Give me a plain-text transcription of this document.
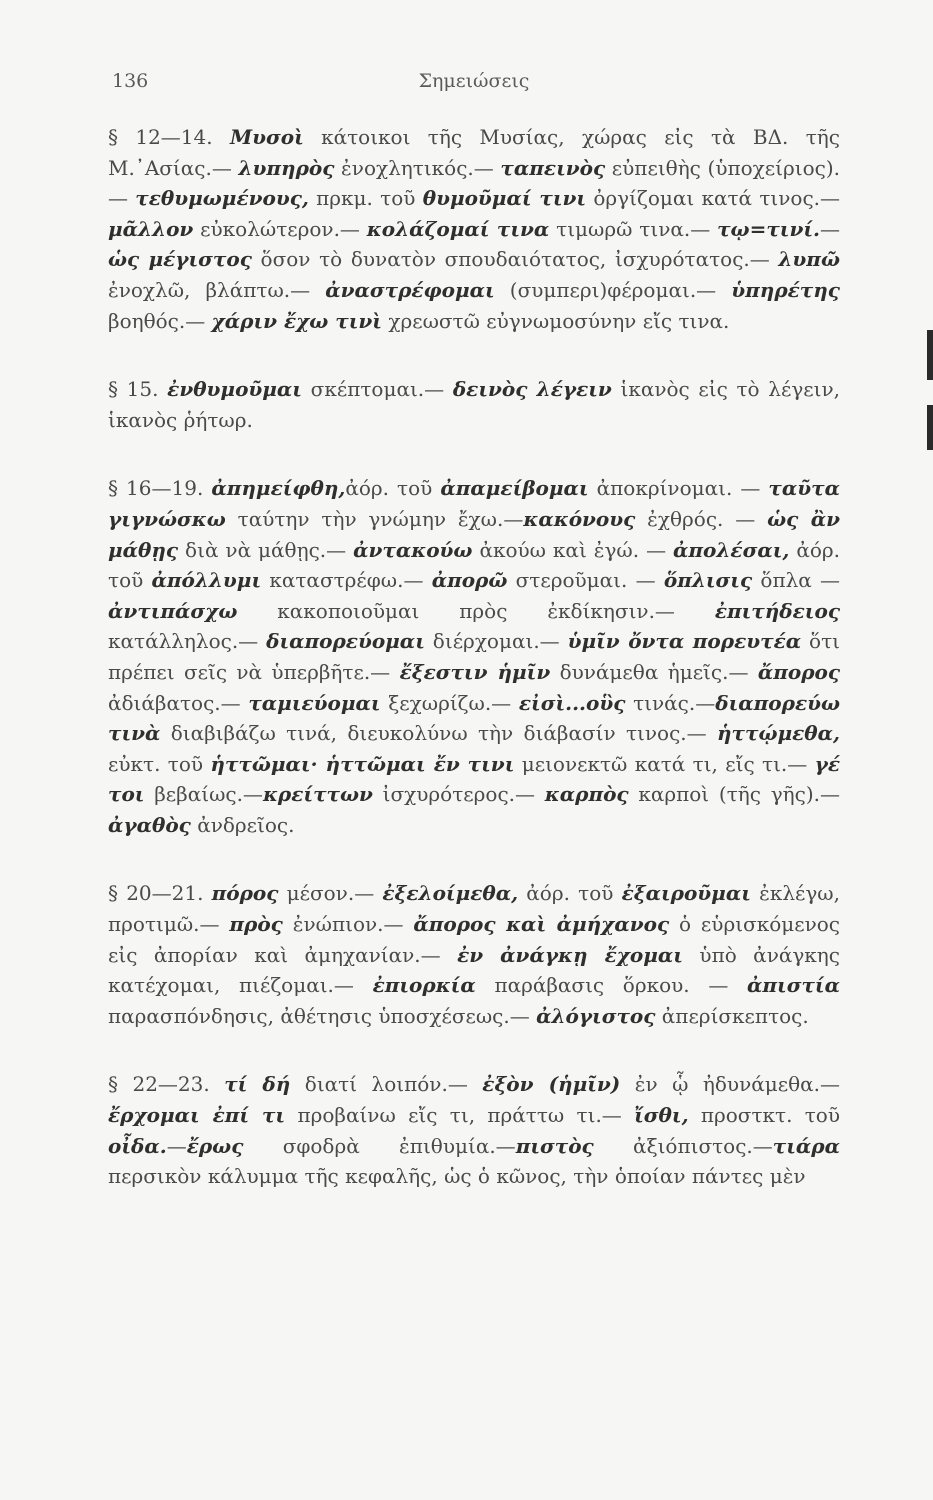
136	Σημειώσεις

§ 12—14. Μυσοὶ κάτοικοι τῆς Μυσίας, χώρας εἰς τὰ ΒΔ. τῆς Μ.᾿Ασίας.— λυπηρὸς ἐνοχλητικός.— ταπεινὸς εὐπειθὴς (ὑποχείριος).— τεθυμωμένους, πρκμ. τοῦ θυμοῦμαί τινι ὀργίζομαι κατά τινος.— μᾶλλον εὐκολώτερον.— κολάζομαί τινα τιμωρῶ τινα.— τῳ=τινί.— ὡς μέγιστος ὅσον τὸ δυνατὸν σπουδαιότατος, ἰσχυρότατος.— λυπῶ ἐνοχλῶ, βλάπτω.— ἀναστρέφομαι (συμπερι)φέρομαι.— ὑπηρέτης βοηθός.— χάριν ἔχω τινὶ χρεωστῶ εὐγνωμοσύνην εἴς τινα.

§ 15. ἐνθυμοῦμαι σκέπτομαι.— δεινὸς λέγειν ἱκανὸς εἰς τὸ λέγειν, ἱκανὸς ῥήτωρ.

§ 16—19. ἀπημείφθη,ἀόρ. τοῦ ἀπαμείβομαι ἀποκρίνομαι. — ταῦτα γιγνώσκω ταύτην τὴν γνώμην ἔχω.—κακόνους ἐχθρός. — ὡς ἂν μάθῃς διὰ νὰ μάθῃς.— ἀντακούω ἀκούω καὶ ἐγώ. — ἀπολέσαι, ἀόρ. τοῦ ἀπόλλυμι καταστρέφω.— ἀπορῶ στεροῦμαι. — ὅπλισις ὅπλα — ἀντιπάσχω κακοποιοῦμαι πρὸς ἐκδίκησιν.— ἐπιτήδειος κατάλληλος.— διαπορεύομαι διέρχομαι.— ὑμῖν ὄντα πορευτέα ὅτι πρέπει σεῖς νὰ ὑπερβῆτε.— ἔξεστιν ἡμῖν δυνάμεθα ἡμεῖς.— ἄπορος ἀδιάβατος.— ταμιεύομαι ξεχωρίζω.— εἰσὶ...οὓς τινάς.—διαπορεύω τινὰ διαβιβάζω τινά, διευκολύνω τὴν διάβασίν τινος.— ἡττῴμεθα, εὐκτ. τοῦ ἡττῶμαι· ἡττῶμαι ἔν τινι μειονεκτῶ κατά τι, εἴς τι.— γέ τοι βεβαίως.—κρείττων ἰσχυρότερος.— καρπὸς καρποὶ (τῆς γῆς).— ἀγαθὸς ἀνδρεῖος.

§ 20—21. πόρος μέσον.— ἐξελοίμεθα, ἀόρ. τοῦ ἐξαιροῦμαι ἐκλέγω, προτιμῶ.— πρὸς ἐνώπιον.— ἄπορος καὶ ἀμήχανος ὁ εὑρισκόμενος εἰς ἀπορίαν καὶ ἀμηχανίαν.— ἐν ἀνάγκῃ ἔχομαι ὑπὸ ἀνάγκης κατέχομαι, πιέζομαι.— ἐπιορκία παράβασις ὅρκου. — ἀπιστία παρασπόνδησις, ἀθέτησις ὑποσχέσεως.— ἀλόγιστος ἀπερίσκεπτος.

§ 22—23. τί δή διατί λοιπόν.— ἐξὸν (ἡμῖν) ἐν ᾧ ἠδυνάμεθα.— ἔρχομαι ἐπί τι προβαίνω εἴς τι, πράττω τι.— ἴσθι, προστκτ. τοῦ οἶδα.—ἔρως σφοδρὰ ἐπιθυμία.—πιστὸς ἀξιόπιστος.—τιάρα περσικὸν κάλυμμα τῆς κεφαλῆς, ὡς ὁ κῶνος, τὴν ὁποίαν πάντες μὲν
